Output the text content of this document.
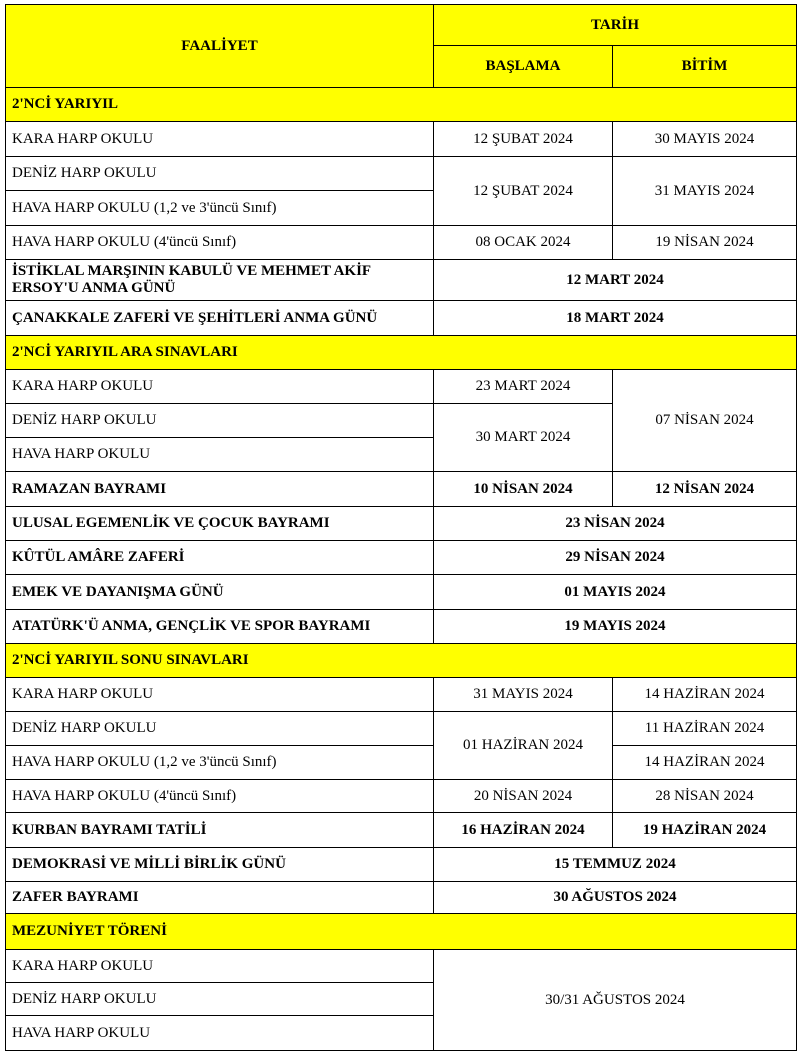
FAALİYET	TARİH	
	BAŞLAMA	BİTİM
2'NCİ YARIYIL		
KARA HARP OKULU	12 ŞUBAT 2024	30 MAYIS 2024
DENİZ HARP OKULU	12 ŞUBAT 2024	31 MAYIS 2024
HAVA HARP OKULU (1,2 ve 3'üncü Sınıf)		
HAVA HARP OKULU (4'üncü Sınıf)	08 OCAK 2024	19 NİSAN 2024
İSTİKLAL MARŞININ KABULÜ VE MEHMET AKİF ERSOY'U ANMA GÜNÜ	12 MART 2024	
ÇANAKKALE ZAFERİ VE ŞEHİTLERİ ANMA GÜNÜ	18 MART 2024	
2'NCİ YARIYIL ARA SINAVLARI		
KARA HARP OKULU	23 MART 2024	07 NİSAN 2024
DENİZ HARP OKULU	30 MART 2024	
HAVA HARP OKULU		
RAMAZAN BAYRAMI	10 NİSAN 2024	12 NİSAN 2024
ULUSAL EGEMENLİK VE ÇOCUK BAYRAMI	23 NİSAN 2024	
KÛTÜL AMÂRE ZAFERİ	29 NİSAN 2024	
EMEK VE DAYANIŞMA GÜNÜ	01 MAYIS 2024	
ATATÜRK'Ü ANMA, GENÇLİK VE SPOR BAYRAMI	19 MAYIS 2024	
2'NCİ YARIYIL SONU SINAVLARI		
KARA HARP OKULU	31 MAYIS 2024	14 HAZİRAN 2024
DENİZ HARP OKULU	01 HAZİRAN 2024	11 HAZİRAN 2024
HAVA HARP OKULU (1,2 ve 3'üncü Sınıf)		14 HAZİRAN 2024
HAVA HARP OKULU (4'üncü Sınıf)	20 NİSAN 2024	28 NİSAN 2024
KURBAN BAYRAMI TATİLİ	16 HAZİRAN 2024	19 HAZİRAN 2024
DEMOKRASİ VE MİLLİ BİRLİK GÜNÜ	15 TEMMUZ 2024	
ZAFER BAYRAMI	30 AĞUSTOS 2024	
MEZUNİYET TÖRENİ		
KARA HARP OKULU	30/31 AĞUSTOS 2024	
DENİZ HARP OKULU		
HAVA HARP OKULU		
